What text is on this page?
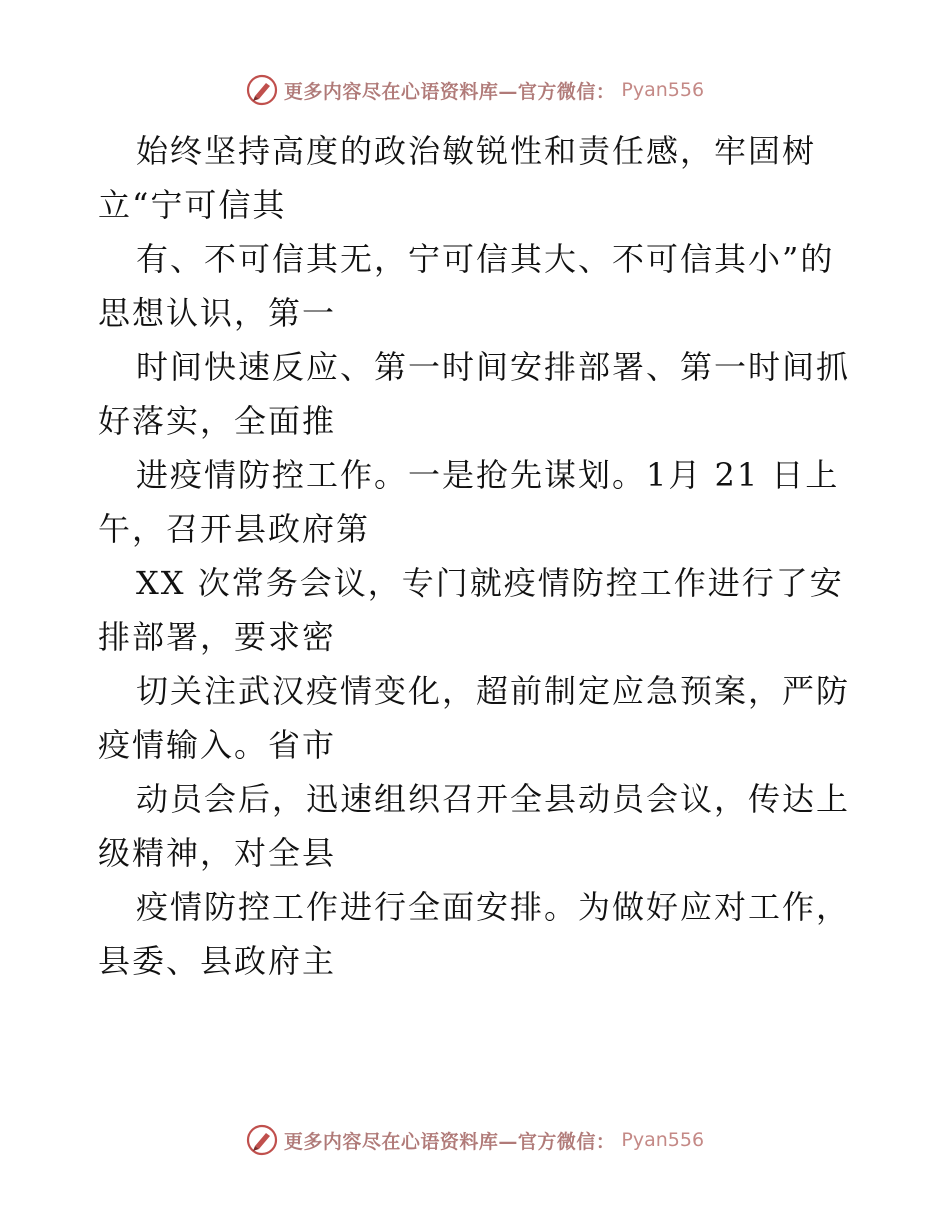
更多内容尽在心语资料库—官方微信： Pyan556
始终坚持高度的政治敏锐性和责任感，牢固树
立“宁可信其
有、不可信其无，宁可信其大、不可信其小”的
思想认识，第一
时间快速反应、第一时间安排部署、第一时间抓
好落实，全面推
进疫情防控工作。一是抢先谋划。1月 21 日上
午，召开县政府第
XX 次常务会议，专门就疫情防控工作进行了安
排部署，要求密
切关注武汉疫情变化，超前制定应急预案，严防
疫情输入。省市
动员会后，迅速组织召开全县动员会议，传达上
级精神，对全县
疫情防控工作进行全面安排。为做好应对工作，
县委、县政府主
更多内容尽在心语资料库—官方微信： Pyan556
